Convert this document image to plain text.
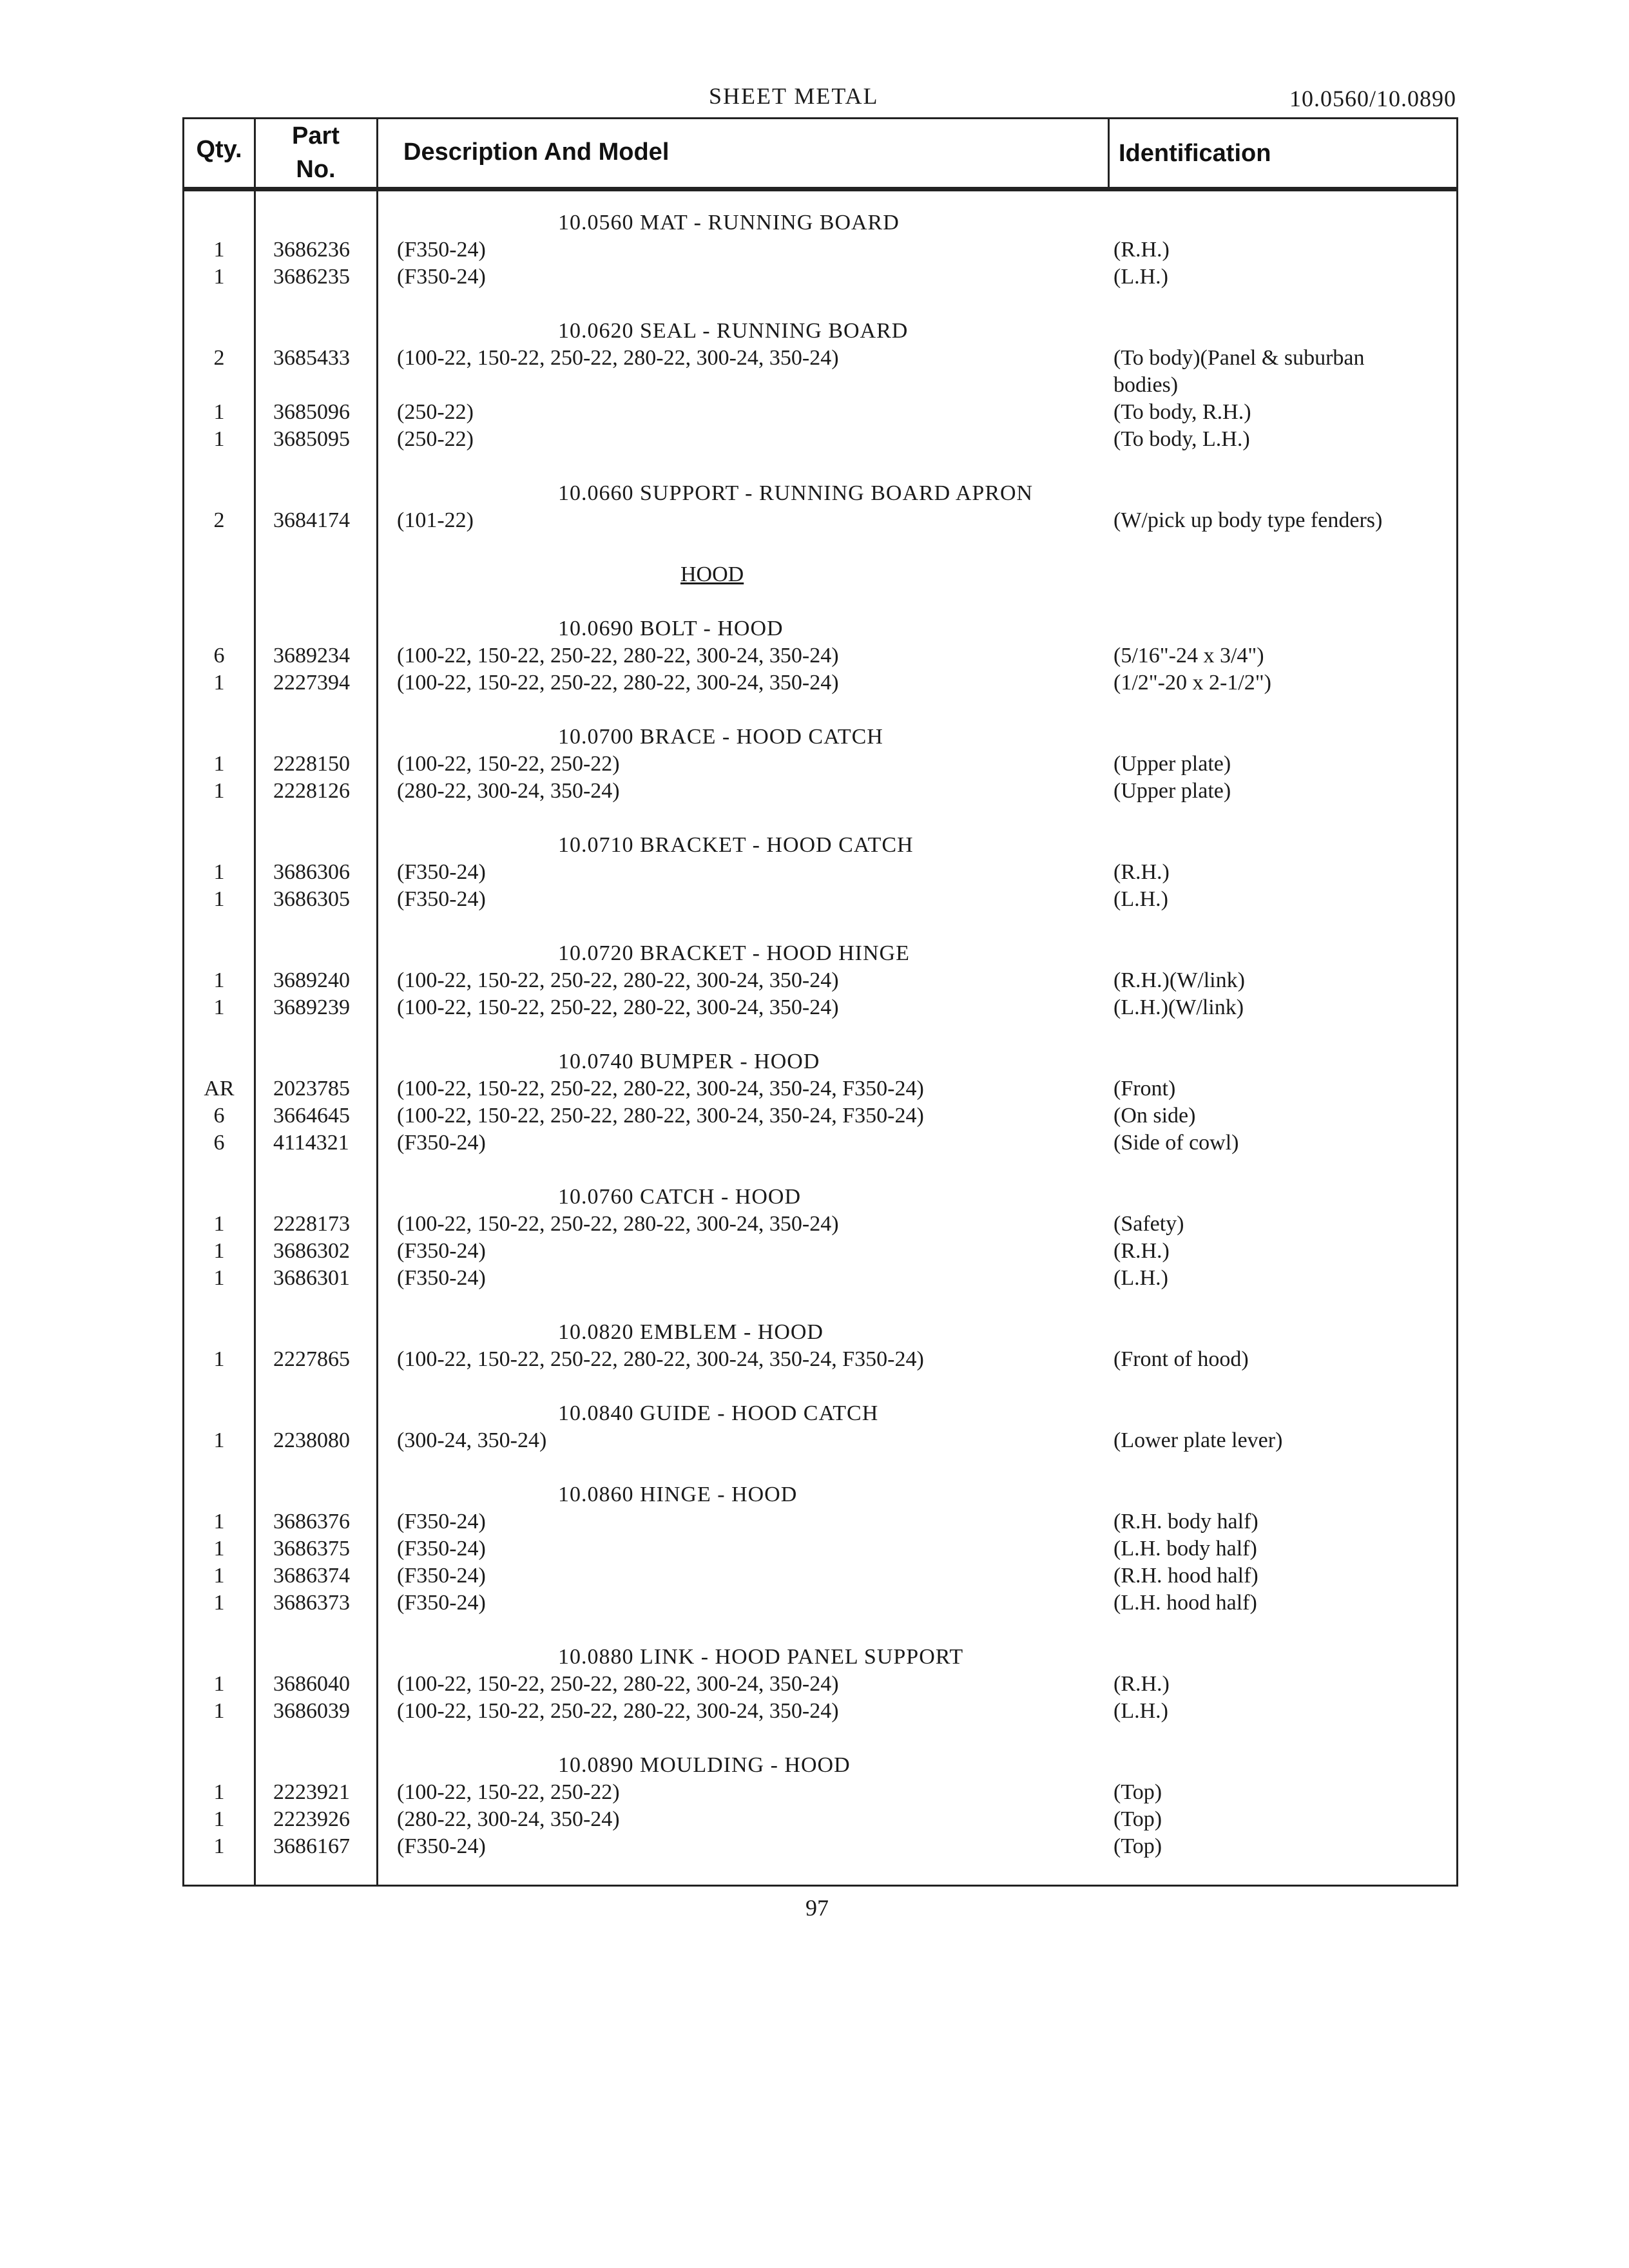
SHEET METAL	10.0560/10.0890
Qty.	Part
No.
Description And Model	Identification
10.0560 MAT - RUNNING BOARD
1	3686236 (F350-24)	(R.H.)
1	3686235 (F350-24)	(L.H.)
10.0620 SEAL - RUNNING BOARD
2	3685433 (100-22, 150-22, 250-22, 280-22, 300-24, 350-24)	(To body)(Panel & suburban
bodies)
1	3685096 (250-22)	(To body, R.H.)
1	3685095 (250-22)	(To body, L.H.)
10.0660 SUPPORT - RUNNING BOARD APRON
2	3684174 (101-22)	(W/pick up body type fenders)
HOOD
10.0690 BOLT - HOOD
6	3689234 (100-22, 150-22, 250-22, 280-22, 300-24, 350-24)	(5/16"-24 x 3/4")
1	2227394 (100-22, 150-22, 250-22, 280-22, 300-24, 350-24)	(1/2"-20 x 2-1/2")
10.0700 BRACE - HOOD CATCH
1	2228150 (100-22, 150-22, 250-22)	(Upper plate)
1	2228126 (280-22, 300-24, 350-24)	(Upper plate)
10.0710 BRACKET - HOOD CATCH
1	3686306 (F350-24)	(R.H.)
1	3686305 (F350-24)	(L.H.)
10.0720 BRACKET - HOOD HINGE
1	3689240 (100-22, 150-22, 250-22, 280-22, 300-24, 350-24)	(R.H.)(W/link)
1	3689239 (100-22, 150-22, 250-22, 280-22, 300-24, 350-24)	(L.H.)(W/link)
10.0740 BUMPER - HOOD
AR	2023785 (100-22, 150-22, 250-22, 280-22, 300-24, 350-24, F350-24)	(Front)
6	3664645 (100-22, 150-22, 250-22, 280-22, 300-24, 350-24, F350-24)	(On side)
6	4114321 (F350-24)	(Side of cowl)
10.0760 CATCH - HOOD
1	2228173 (100-22, 150-22, 250-22, 280-22, 300-24, 350-24)	(Safety)
1	3686302 (F350-24)	(R.H.)
1	3686301 (F350-24)	(L.H.)
10.0820 EMBLEM - HOOD
1	2227865 (100-22, 150-22, 250-22, 280-22, 300-24, 350-24, F350-24)	(Front of hood)
10.0840 GUIDE - HOOD CATCH
1	2238080 (300-24, 350-24)	(Lower plate lever)
10.0860 HINGE - HOOD
1	3686376 (F350-24)	(R.H. body half)
1	3686375 (F350-24)	(L.H. body half)
1	3686374 (F350-24)	(R.H. hood half)
1	3686373 (F350-24)	(L.H. hood half)
10.0880 LINK - HOOD PANEL SUPPORT
1	3686040 (100-22, 150-22, 250-22, 280-22, 300-24, 350-24)	(R.H.)
1	3686039 (100-22, 150-22, 250-22, 280-22, 300-24, 350-24)	(L.H.)
10.0890 MOULDING - HOOD
1	2223921 (100-22, 150-22, 250-22)	(Top)
1	2223926 (280-22, 300-24, 350-24)	(Top)
1	3686167 (F350-24)	(Top)
97
